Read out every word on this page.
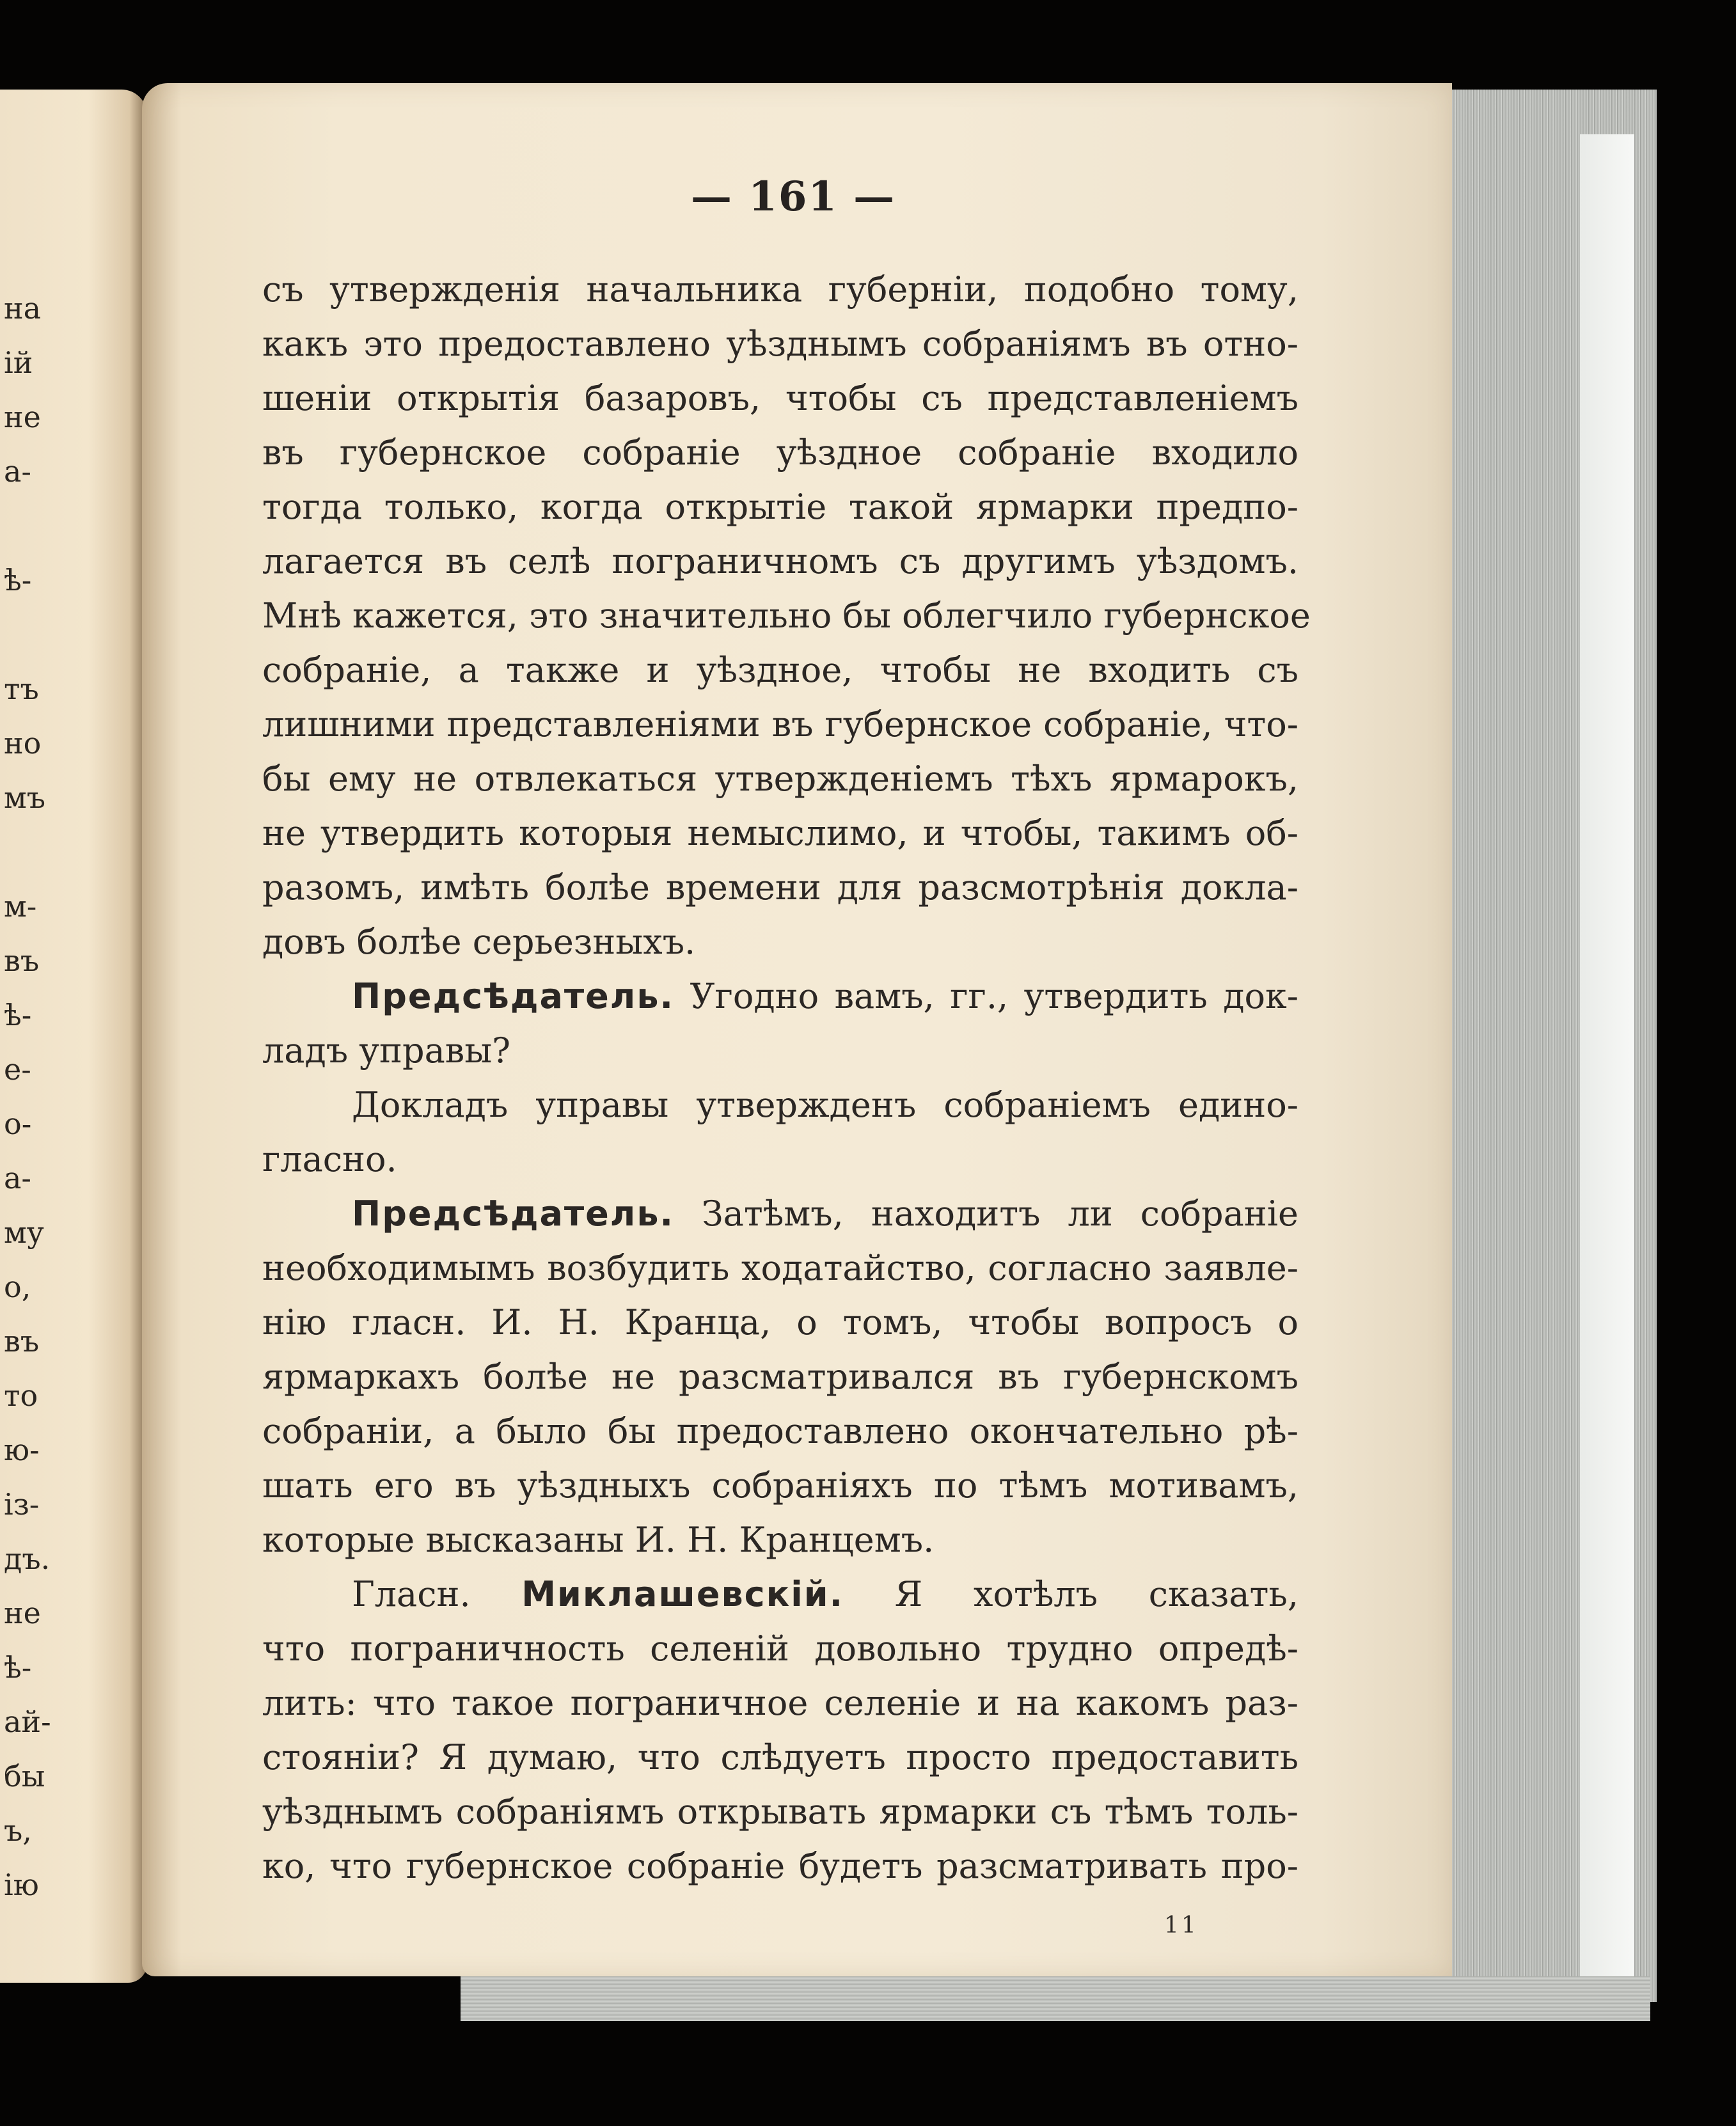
на
ій
не
а-
ѣ-
тъ
но
мъ
м-
въ
ѣ-
е-
о-
а-
му
о,
въ
то
ю-
із-
дъ.
не
ѣ-
ай-
бы
ъ,
ію
— 161 —
съ утвержденія начальника губерніи, подобно тому,
какъ это предоставлено уѣзднымъ собраніямъ въ отно-
шеніи открытія базаровъ, чтобы съ представленіемъ
въ губернское собраніе уѣздное собраніе входило
тогда только, когда открытіе такой ярмарки предпо-
лагается въ селѣ пограничномъ съ другимъ уѣздомъ.
Мнѣ кажется, это значительно бы облегчило губернское
собраніе, а также и уѣздное, чтобы не входить съ
лишними представленіями въ губернское собраніе, что-
бы ему не отвлекаться утвержденіемъ тѣхъ ярмарокъ,
не утвердить которыя немыслимо, и чтобы, такимъ об-
разомъ, имѣть болѣе времени для разсмотрѣнія докла-
довъ болѣе серьезныхъ.
Предсѣдатель. Угодно вамъ, гг., утвердить док-
ладъ управы?
Докладъ управы утвержденъ собраніемъ едино-
гласно.
Предсѣдатель. Затѣмъ, находитъ ли собраніе
необходимымъ возбудить ходатайство, согласно заявле-
нію гласн. И. Н. Кранца, о томъ, чтобы вопросъ о
ярмаркахъ болѣе не разсматривался въ губернскомъ
собраніи, а было бы предоставлено окончательно рѣ-
шать его въ уѣздныхъ собраніяхъ по тѣмъ мотивамъ,
которые высказаны И. Н. Кранцемъ.
Гласн. Миклашевскій. Я хотѣлъ сказать,
что пограничность селеній довольно трудно опредѣ-
лить: что такое пограничное селеніе и на какомъ раз-
стояніи? Я думаю, что слѣдуетъ просто предоставить
уѣзднымъ собраніямъ открывать ярмарки съ тѣмъ толь-
ко, что губернское собраніе будетъ разсматривать про-
11
